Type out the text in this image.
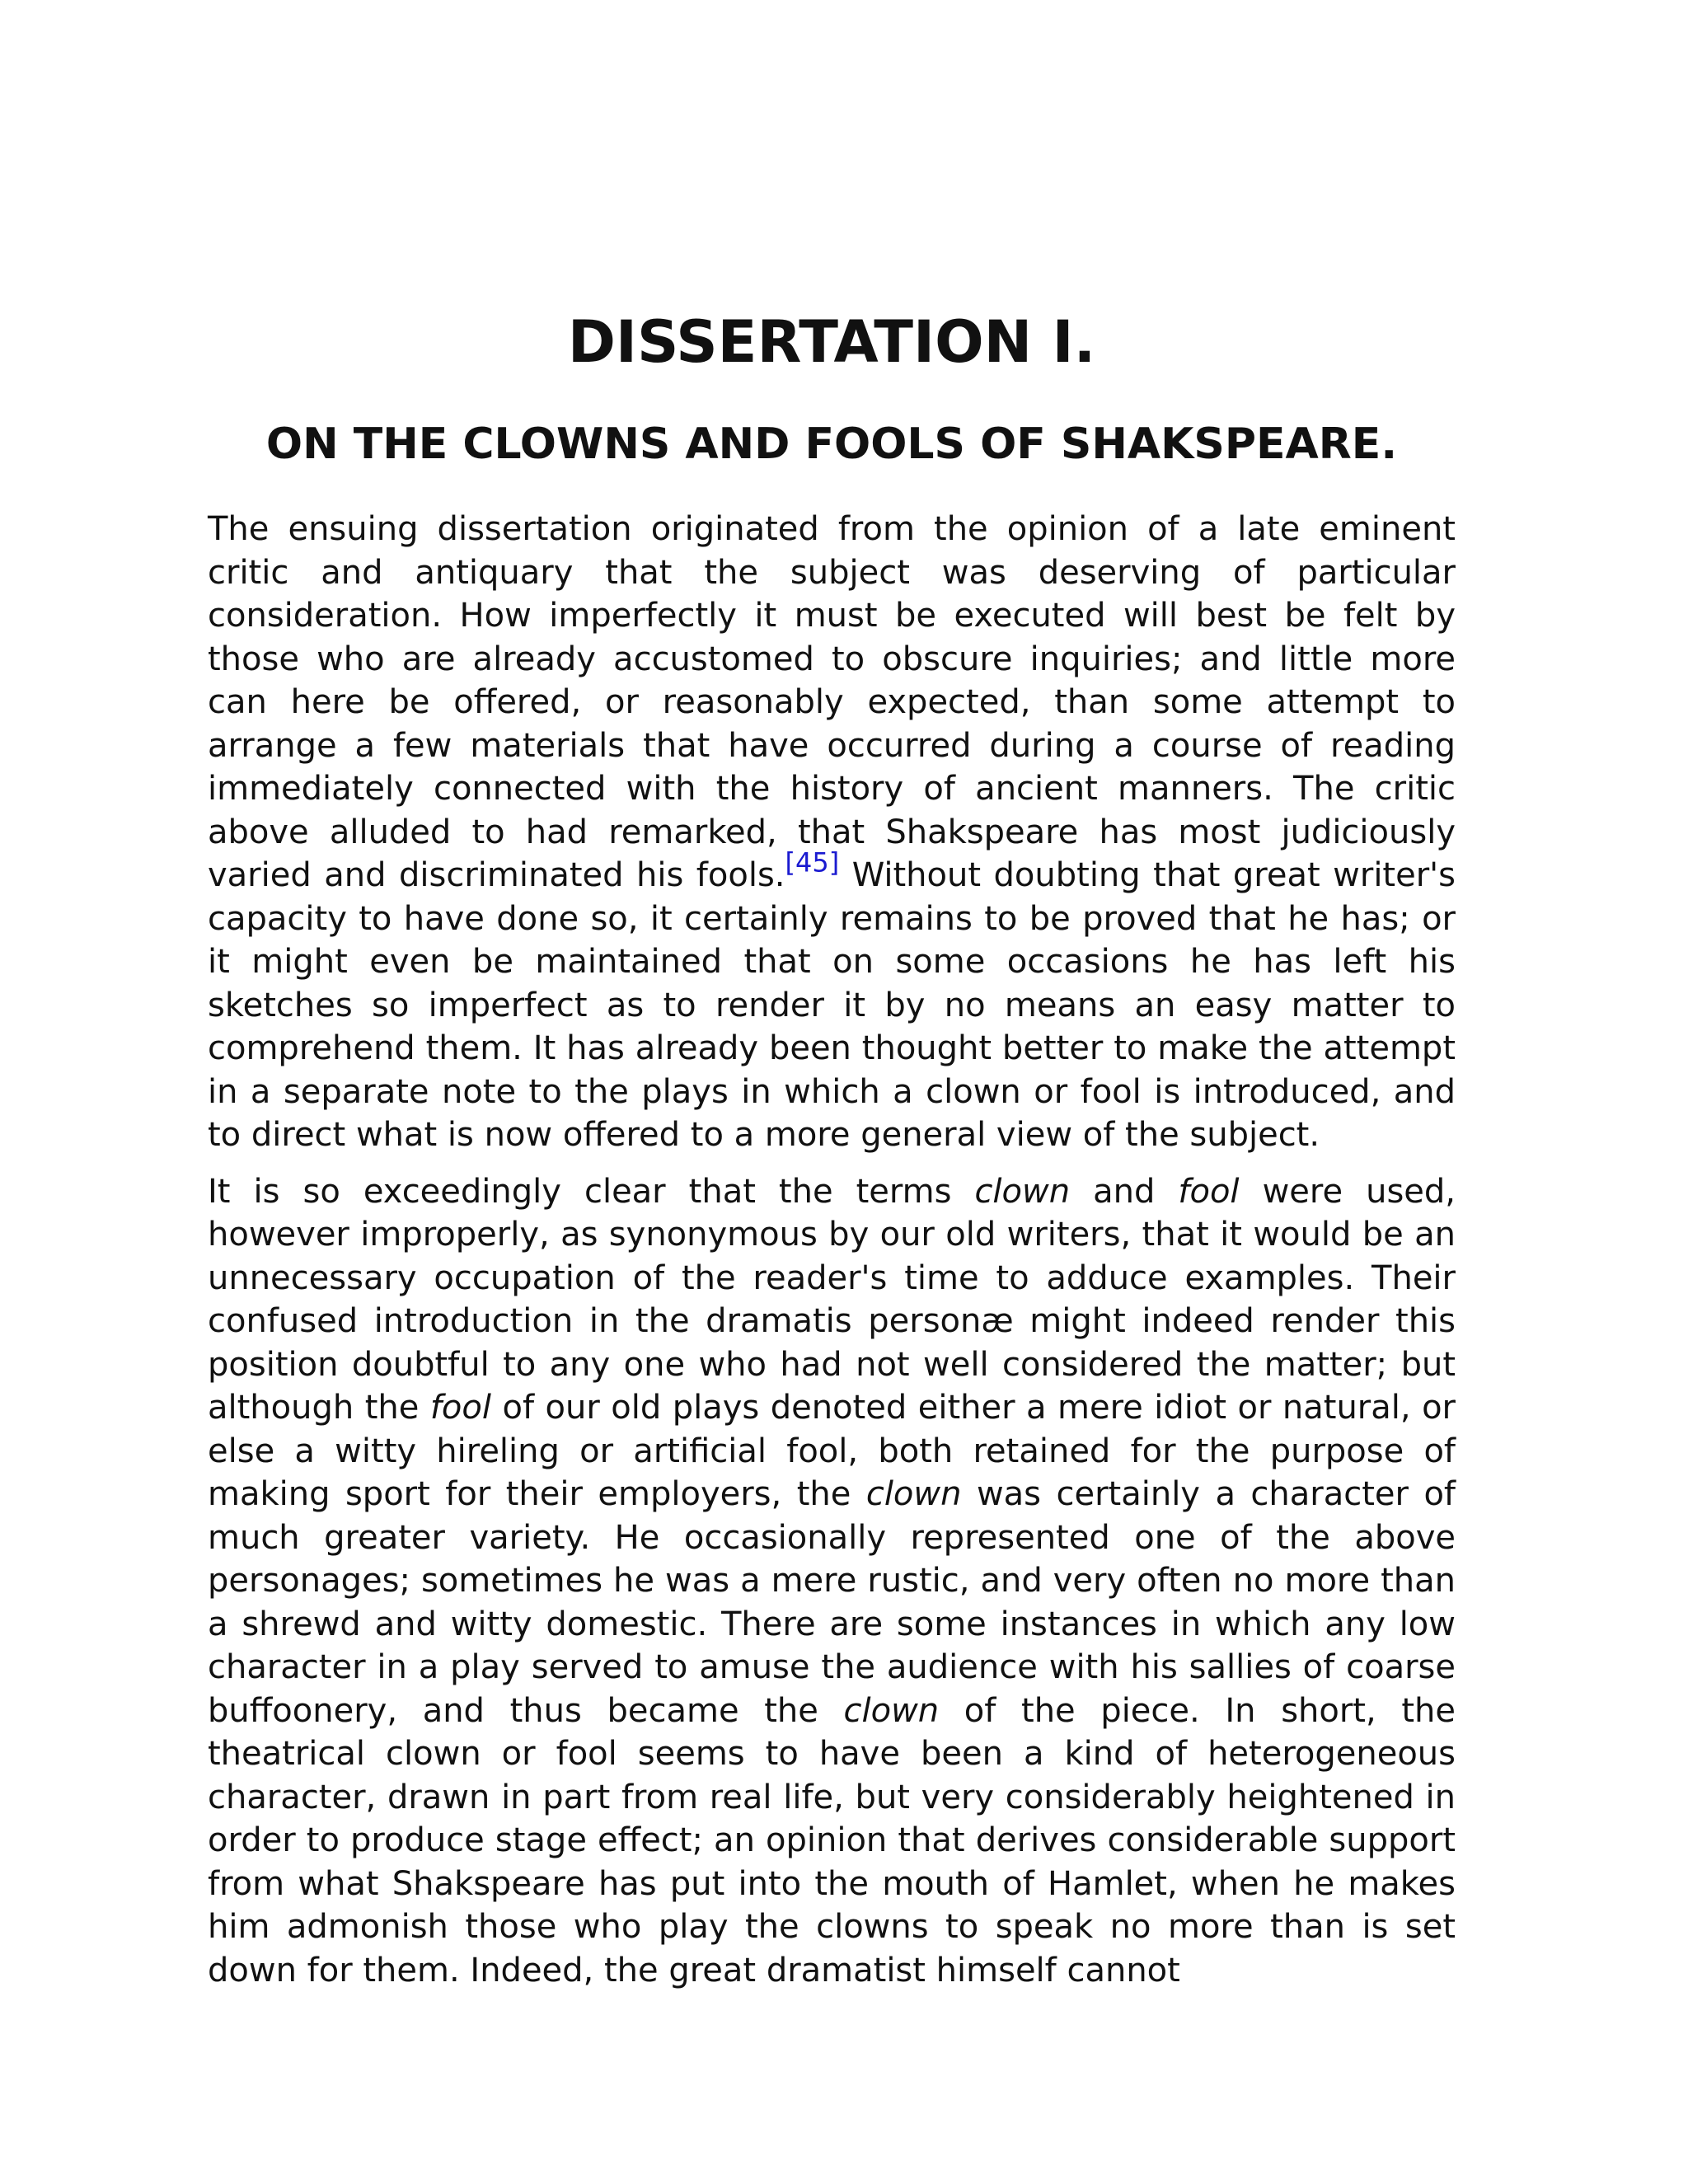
DISSERTATION I.
ON THE CLOWNS AND FOOLS OF SHAKSPEARE.

The ensuing dissertation originated from the opinion of a late eminent critic and antiquary that the subject was deserving of particular consideration. How imperfectly it must be executed will best be felt by those who are already accustomed to obscure inquiries; and little more can here be offered, or reasonably expected, than some attempt to arrange a few materials that have occurred during a course of reading immediately connected with the history of ancient manners. The critic above alluded to had remarked, that Shakspeare has most judiciously varied and discriminated his fools.[45] Without doubting that great writer's capacity to have done so, it certainly remains to be proved that he has; or it might even be maintained that on some occasions he has left his sketches so imperfect as to render it by no means an easy matter to comprehend them. It has already been thought better to make the attempt in a separate note to the plays in which a clown or fool is introduced, and to direct what is now offered to a more general view of the subject.

It is so exceedingly clear that the terms clown and fool were used, however improperly, as synonymous by our old writers, that it would be an unnecessary occupation of the reader's time to adduce examples. Their confused introduction in the dramatis personæ might indeed render this position doubtful to any one who had not well considered the matter; but although the fool of our old plays denoted either a mere idiot or natural, or else a witty hireling or artificial fool, both retained for the purpose of making sport for their employers, the clown was certainly a character of much greater variety. He occasionally represented one of the above personages; sometimes he was a mere rustic, and very often no more than a shrewd and witty domestic. There are some instances in which any low character in a play served to amuse the audience with his sallies of coarse buffoonery, and thus became the clown of the piece. In short, the theatrical clown or fool seems to have been a kind of heterogeneous character, drawn in part from real life, but very considerably heightened in order to produce stage effect; an opinion that derives considerable support from what Shakspeare has put into the mouth of Hamlet, when he makes him admonish those who play the clowns to speak no more than is set down for them. Indeed, the great dramatist himself cannot
